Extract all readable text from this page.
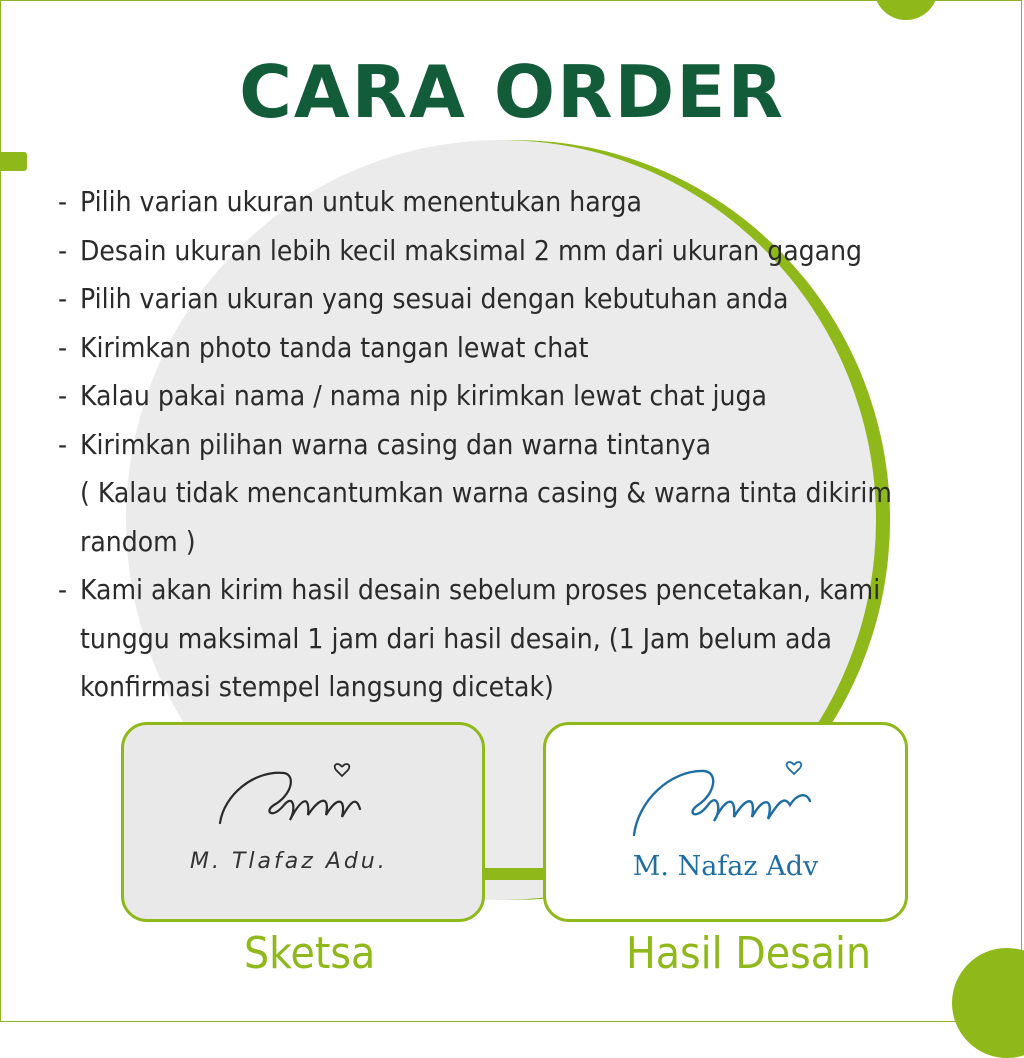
CARA ORDER
- Pilih varian ukuran untuk menentukan harga
- Desain ukuran lebih kecil maksimal 2 mm dari ukuran gagang
- Pilih varian ukuran yang sesuai dengan kebutuhan anda
- Kirimkan photo tanda tangan lewat chat
- Kalau pakai nama / nama nip kirimkan lewat chat juga
- Kirimkan pilihan warna casing dan warna tintanya
( Kalau tidak mencantumkan warna casing & warna tinta dikirim
random )
- Kami akan kirim hasil desain sebelum proses pencetakan, kami
tunggu maksimal 1 jam dari hasil desain, (1 Jam belum ada
konfirmasi stempel langsung dicetak)
M. Tlafaz Adu.	M. Nafaz Adv
Sketsa	Hasil Desain
